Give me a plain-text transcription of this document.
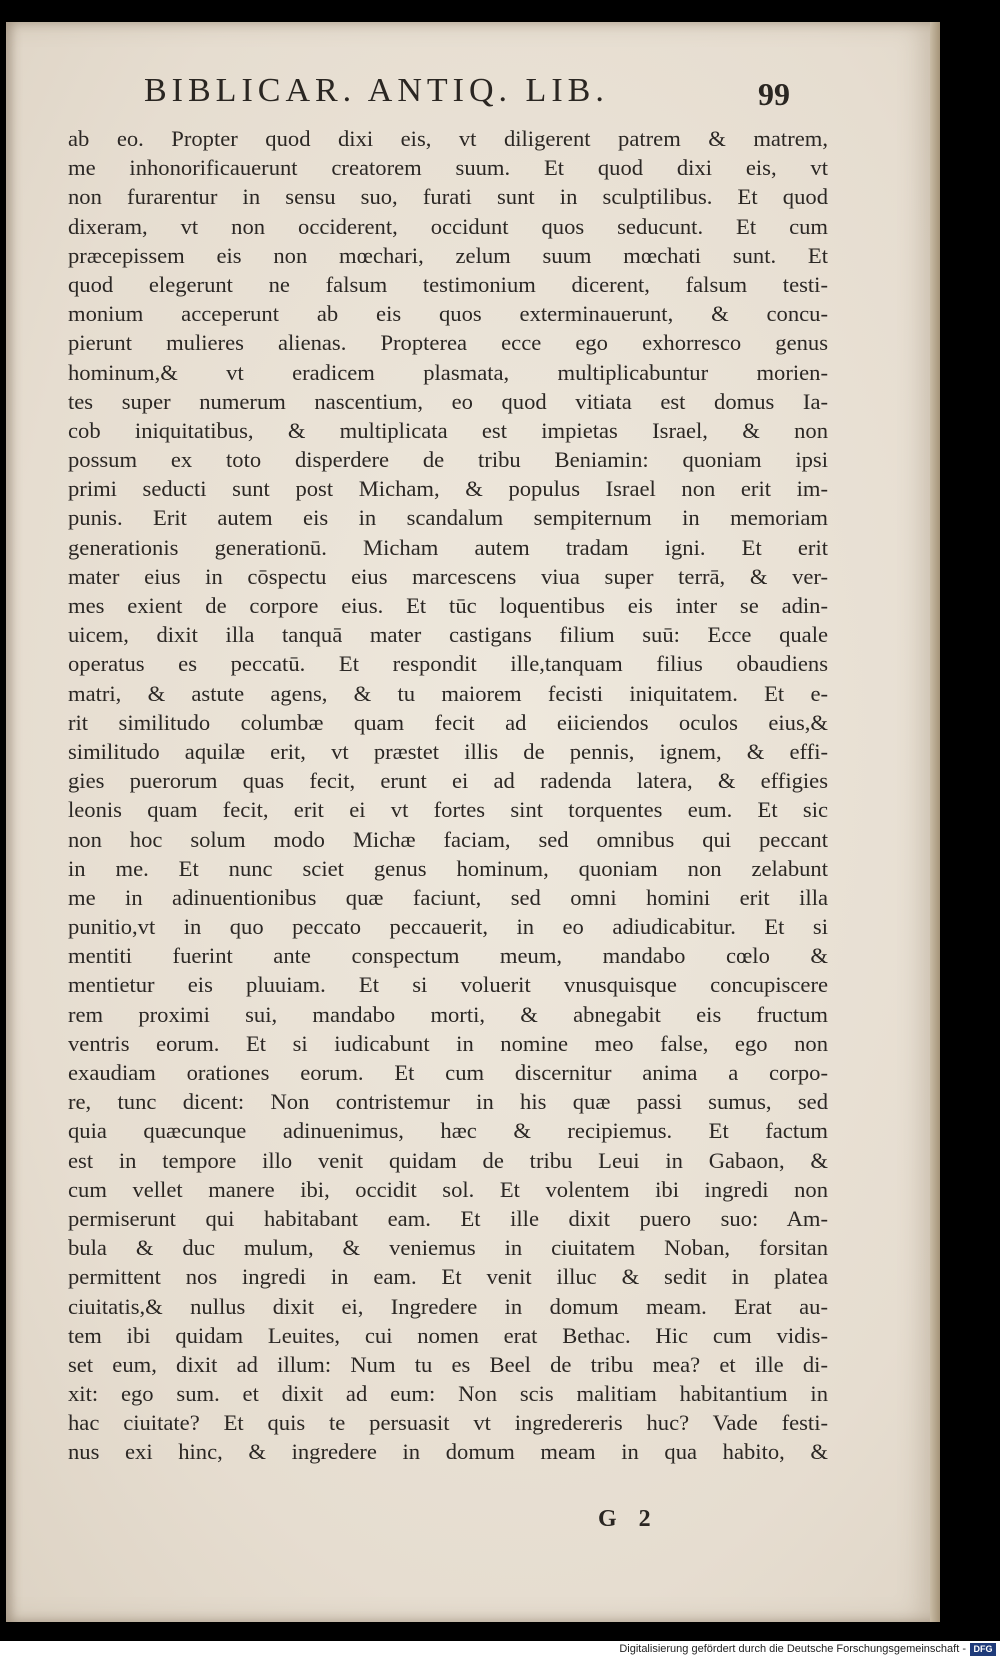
BIBLICAR. ANTIQ. LIB.	99
ab eo. Propter quod dixi eis, vt diligerent patrem & matrem,
me inhonorificauerunt creatorem suum. Et quod dixi eis, vt
non furarentur in sensu suo, furati sunt in sculptilibus. Et quod
dixeram, vt non occiderent, occidunt quos seducunt. Et cum
præcepissem eis non mœchari, zelum suum mœchati sunt. Et
quod elegerunt ne falsum testimonium dicerent, falsum testi-
monium acceperunt ab eis quos exterminauerunt, & concu-
pierunt mulieres alienas. Propterea ecce ego exhorresco genus
hominum,& vt eradicem plasmata, multiplicabuntur morien-
tes super numerum nascentium, eo quod vitiata est domus Ia-
cob iniquitatibus, & multiplicata est impietas Israel, & non
possum ex toto disperdere de tribu Beniamin: quoniam ipsi
primi seducti sunt post Micham, & populus Israel non erit im-
punis. Erit autem eis in scandalum sempiternum in memoriam
generationis generationū. Micham autem tradam igni. Et erit
mater eius in cōspectu eius marcescens viua super terrā, & ver-
mes exient de corpore eius. Et tūc loquentibus eis inter se adin-
uicem, dixit illa tanquā mater castigans filium suū: Ecce quale
operatus es peccatū. Et respondit ille,tanquam filius obaudiens
matri, & astute agens, & tu maiorem fecisti iniquitatem. Et e-
rit similitudo columbæ quam fecit ad eiiciendos oculos eius,&
similitudo aquilæ erit, vt præstet illis de pennis, ignem, & effi-
gies puerorum quas fecit, erunt ei ad radenda latera, & effigies
leonis quam fecit, erit ei vt fortes sint torquentes eum. Et sic
non hoc solum modo Michæ faciam, sed omnibus qui peccant
in me. Et nunc sciet genus hominum, quoniam non zelabunt
me in adinuentionibus quæ faciunt, sed omni homini erit illa
punitio,vt in quo peccato peccauerit, in eo adiudicabitur. Et si
mentiti fuerint ante conspectum meum, mandabo cœlo &
mentietur eis pluuiam. Et si voluerit vnusquisque concupiscere
rem proximi sui, mandabo morti, & abnegabit eis fructum
ventris eorum. Et si iudicabunt in nomine meo false, ego non
exaudiam orationes eorum. Et cum discernitur anima a corpo-
re, tunc dicent: Non contristemur in his quæ passi sumus, sed
quia quæcunque adinuenimus, hæc & recipiemus. Et factum
est in tempore illo venit quidam de tribu Leui in Gabaon, &
cum vellet manere ibi, occidit sol. Et volentem ibi ingredi non
permiserunt qui habitabant eam. Et ille dixit puero suo: Am-
bula & duc mulum, & veniemus in ciuitatem Noban, forsitan
permittent nos ingredi in eam. Et venit illuc & sedit in platea
ciuitatis,& nullus dixit ei, Ingredere in domum meam. Erat au-
tem ibi quidam Leuites, cui nomen erat Bethac. Hic cum vidis-
set eum, dixit ad illum: Num tu es Beel de tribu mea? et ille di-
xit: ego sum. et dixit ad eum: Non scis malitiam habitantium in
hac ciuitate? Et quis te persuasit vt ingredereris huc? Vade festi-
nus exi hinc, & ingredere in domum meam in qua habito, &
G 2
Digitalisierung gefördert durch die Deutsche Forschungsgemeinschaft - DFG
